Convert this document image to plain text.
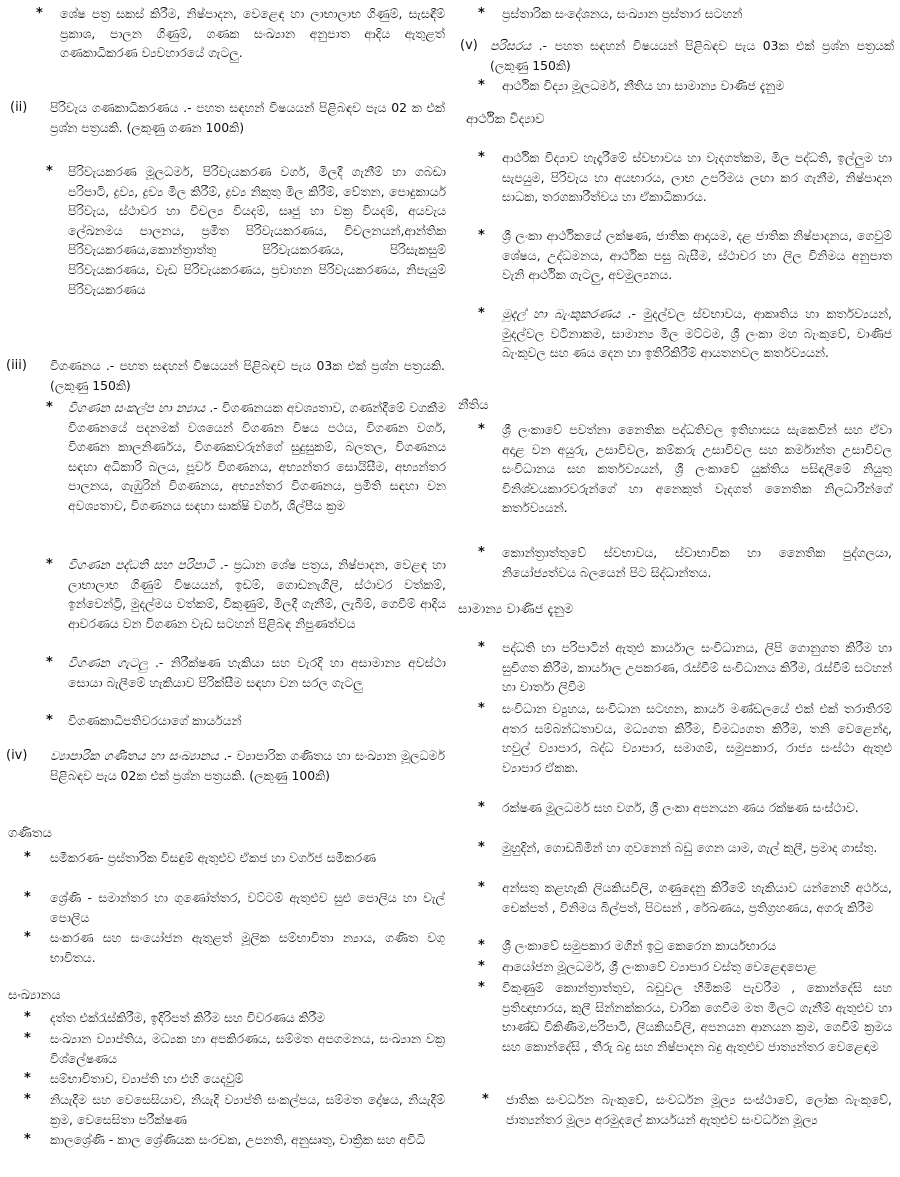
* ශේෂ පත්‍ර සකස් කිරීම, නිෂ්පාදන, වෙළෙඳ හා ලාභාලාභ ගිණුම්, සැසඳීම් ප්‍රකාශ, පාලන ගිණුම්, ගණක සංඛ්‍යාන අනුපාත ආදිය ඇතුළත් ගණකාධිකරණ ව්‍යවහාරයේ ගැටලු.
(ii) පිරිවැය ගණකාධිකරණය .- පහත සඳහන් විෂයයන් පිළිබඳව පැය 02 ක එක් ප්‍රශ්න පත්‍රයකි. (ලකුණු ගණන 100කි)
* පිරිවැයකරණ මූලධර්ම, පිරිවැයකරණ වර්ග, මිලදී ගැනීම් හා ගබඩා පරිපාටි, ද්‍රව්‍ය, ද්‍රව්‍ය මිල කිරීම්, ද්‍රව්‍ය නිකුතු මිල කිරීම්, වේතන, පොදුකාර්ය පිරිවැය, ස්ථාවර හා විචල්‍ය වියදම්, සෘජු හා වක්‍ර වියදම්, අයවැය ලේඛනමය පාලනය, ප්‍රමිත පිරිවැයකරණය, විචලනයන්,ආන්තික පිරිවැයකරණය,කොන්ත්‍රාත්තු පිරිවැයකරණය, පිරිසැකසුම් පිරිවැයකරණය, වැඩ පිරිවැයකරණය, ප්‍රවාහන පිරිවැයකරණය, නිපැයුම් පිරිවැයකරණය
(iii) විගණනය .- පහත සඳහන් විෂයයන් පිළිබඳව පැය 03ක එක් ප්‍රශ්න පත්‍රයකි.(ලකුණු 150කි)
* විගණන සංකල්ප හා න්‍යාය .- විගණනයක අවශ්‍යතාව, ගණන්දීමේ වගකීම විගණනයේ පදනමක් වශයෙන් විගණන විෂය පථය, විගණන වර්ග, විගණන කාලනිර්ණය, විගණකවරුන්ගේ සුදුසුකම්, බලතල, විගණනය සඳහා අධිකාරි බලය, පූර්ව විගණනය, අභ්‍යන්තර සොයිසීම, අභ්‍යන්තර පාලනය, ගැඹුරින් විගණනය, අභ්‍යන්තර විගණනය, ප්‍රමිති සඳහා වන අවශ්‍යතාව, විගණනය සඳහා සාක්ෂි වර්ග, ශිල්පීය ක්‍රම
* විගණන පද්ධති සහ පරිපාටි .- ප්‍රධාන ශේෂ පත්‍රය, නිෂ්පාදන, වෙළඳ හා ලාභාලාභ ගිණුම් විෂයයන්, ඉඩම්, ගොඩනැගිලි, ස්ථාවර වත්කම්, ඉන්වෙන්ට්‍රි, මුදල්මය වත්කම්, විකුණුම්, මිලදී ගැනීම්, ලැබීම්, ගෙවීම් ආදිය ආවරණය වන විගණන වැඩ සටහන් පිළිබඳ නිපුණත්වය
* විගණන ගැටලු .- නිරීක්ෂණ හැකියා සහ වැරදි හා අසාමාන්‍ය අවස්ථා සොයා බැලීමේ හැකියාව පිරික්සීම සඳහා වන සරල ගැටලු
* විගණකාධිපතිවරයාගේ කාර්යයන්
(iv) ව්‍යාපාරික ගණිතය හා සංඛ්‍යානය .- ව්‍යාපාරික ගණිතය හා සංඛ්‍යාන මූලධර්ම පිළිබඳව පැය 02ක එක් ප්‍රශ්න පත්‍රයකි. (ලකුණු 100කි)
ගණිතය
* සමීකරණ- ප්‍රස්තාරික විසඳුම් ඇතුළුව ඒකජ හා වර්ගජ සමීකරණ
* ශ්‍රේණි - සමාන්තර හා ගුණෝත්තර, වට්ටම් ඇතුළුව සුළු පොලිය හා වැල් පොලිය
* සංකරණ සහ සංයෝජන ඇතුළත් මූලික සම්භාවිතා න්‍යාය, ගණිත වගු භාවිතය.
සංඛ්‍යානය
* දත්ත එක්රැස්කිරීම, ඉදිරිපත් කිරීම සහ විවරණය කිරීම
* සංඛ්‍යාන ව්‍යාප්තිය, මධ්‍යක හා අපකිරණය, සම්මත අපගමනය, සංඛ්‍යාන වක්‍ර විශ්ලේෂණය
* සම්භාවිතාව, ව්‍යාප්ති හා එහි යෙදවුම්
* නියැදීම සහ වෙසෙසියාව, නියැදි ව්‍යාප්ති සංකල්පය, සම්මත දෝෂය, නියැදීම් ක්‍රම, වෙසෙසිතා පරීක්ෂණ
* කාලශ්‍රේණි - කාල ශ්‍රේණියක සංරචක, උපනති, අනුසෘතු, චාක්‍රික සහ අවිධි
* ප්‍රස්තාරික සංදේශනය, සංඛ්‍යාන ප්‍රස්තාර සටහන්
(v) පරිසරය .- පහත සඳහන් විෂයයන් පිළිබඳව පැය 03ක එක් ප්‍රශ්න පත්‍රයක් (ලකුණු 150කි)
* ආර්ථික විද්‍යා මූලධර්ම, නීතිය හා සාමාන්‍ය වාණිජ දැනුම
ආර්ථික විද්‍යාව
* ආර්ථික විද්‍යාව හැදෑරීමේ ස්වභාවය හා වැදගත්කම, මිල පද්ධති, ඉල්ලුම හා සැපයුම, පිරිවැය හා අයභාරය, ලාභ උපරිමය ලඟා කර ගැනීම, නිෂ්පාදන සාධක, තරගකාරීත්වය හා ඒකාධිකාරය.
* ශ්‍රී ලංකා ආර්ථිකයේ ලක්ෂණ, ජාතික ආදායම, දළ ජාතික නිෂ්පාදනය, ගෙවුම් ශේෂය, උද්ධමනය, ආර්ථික පසු බැසීම, ස්ථාවර හා ලිල විනිමය අනුපාත වැනි ආර්ථික ගැටලු, අවමුල්‍යනය.
* මුදල් හා බැංකුකරණය .- මුදල්වල ස්වභාවය, ආකෘතිය හා කර්තව්‍යයන්, මුදල්වල වටිනාකම, සාමාන්‍ය මිල මට්ටම, ශ්‍රී ලංකා මහ බැංකුවේ, වාණිජ බැංකුවල සහ ණය දෙන හා ඉතිරිකිරීම් ආයතනවල කර්තව්‍යයන්.
නීතිය
* ශ්‍රී ලංකාවේ පවත්නා නෛතික පද්ධතිවල ඉතිහාසය සැකෙවින් සහ ඒවා අදාළ වන අයුරු, උසාවිවල, කම්කරු උසාවිවල සහ කර්මාන්ත උසාවිවල සංවිධානය සහ කර්තව්‍යයන්, ශ්‍රී ලංකාවේ යුක්තිය පසිඳලීමේ නියුතු විනිශ්චයකාරවරුන්ගේ හා අනෙකුත් වැදගත් නෛතික නිලධාරීන්ගේ කර්තව්‍යයන්.
* කොන්ත්‍රාත්තුවේ ස්වභාවය, ස්වාභාවික හා නෛතික පුද්ගලයා, නියෝජ්‍යත්වය බලයෙන් පිට සිද්ධාන්තය.
සාමාන්‍ය වාණිජ දැනුම
* පද්ධති හා පරිපාටින් ඇතුළු කාර්යාල සංවිධානය, ලිපි ගොනුගත කිරීම හා සුචිගත කිරීම, කාර්යාල උපකරණ, රැස්වීම් සංවිධානය කිරීම, රැස්වීම් සටහන් හා වාර්තා ලිවීම
* සංවිධාන ව්‍යුහය, සංවිධාන සටහන, කාර්ය මණ්ඩලයේ එක් එක් තරාතිරම් අතර සම්බන්ධතාවය, මධ්‍යගත කිරීම, විමධ්‍යගත කිරීම, තනි වෙළෙන්දා, හවුල් ව්‍යාපාර, බද්ධ ව්‍යාපාර, සමාගම්, සමුපකාර, රාජ්‍ය සංස්ථා ඇතුළු ව්‍යාපාර ඒකක.
* රක්ෂණ මූලධර්ම සහ වර්ග, ශ්‍රී ලංකා අපනයන ණය රක්ෂණ සංස්ථාව.
* මුහුදින්, ගොඩබිමින් හා ගුවනෙන් බඩු ගෙන යාම, ගැල් කුලී, ප්‍රමාද ගාස්තු.
* අන්සතු කළහැකි ලියකියවිලි, ගණුදෙනු කිරීමේ හැකියාව යන්නෙහි අර්ථය, චෙක්පත් , විනිමය බිල්පත්, පිටසන් , රේඛණය, ප්‍රතිග්‍රහණය, අගරු කිරීම
* ශ්‍රී ලංකාවේ සමුපකාර මගින් ඉටු කෙරෙන කාර්යභාරය
* ආයෝජන මූලධර්ම, ශ්‍රී ලංකාවේ ව්‍යාපාර වස්තු වෙළෙඳපොළ
* විකුණුම් කොන්ත්‍රාත්තුව, බඩුවල හිමිකම් පැවරීම , කොන්දේසි සහ ප්‍රතිඥාභාරය, කුලී සින්නක්කරය, වාරික ගෙවීම මත මිලට ගැනීම් ඇතුළුව හා භාණ්ඩ විකිණීම,පරිපාටි, ලියකියවිලි, අපනයන ආනයන ක්‍රම, ගෙවීම් ක්‍රමය සහ කොන්දේසි , තීරු බදු සහ නිෂ්පාදන බදු ඇතුළුව ජාත්‍යන්තර වෙළෙඳාම
* ජාතික සංවර්ධන බැංකුවේ, සංවර්ධන මූල්‍ය සංස්ථාවේ, ලෝක බැංකුවේ, ජාත්‍යන්තර මූල්‍ය අරමුදලේ කාර්යයන් ඇතුළුව සංවර්ධන මූල්‍ය
